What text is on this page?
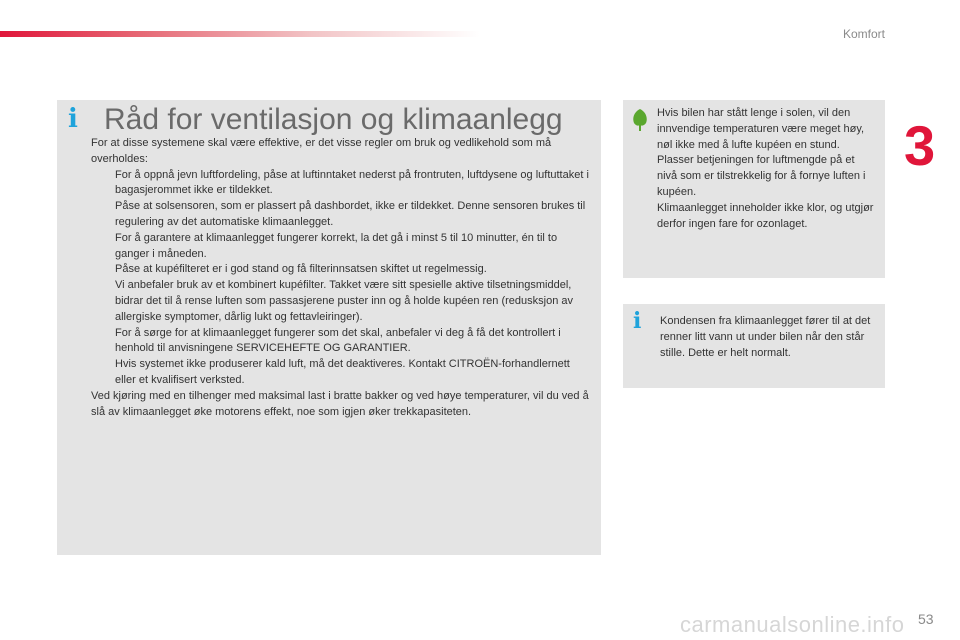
Komfort
3
i Råd for ventilasjon og klimaanlegg

For at disse systemene skal være effektive, er det visse regler om bruk og vedlikehold som må overholdes:

For å oppnå jevn luftfordeling, påse at luftinntaket nederst på frontruten, luftdysene og luftuttaket i bagasjerommet ikke er tildekket.

Påse at solsensoren, som er plassert på dashbordet, ikke er tildekket. Denne sensoren brukes til regulering av det automatiske klimaanlegget.

For å garantere at klimaanlegget fungerer korrekt, la det gå i minst 5 til 10 minutter, én til to ganger i måneden.

Påse at kupéfilteret er i god stand og få filterinnsatsen skiftet ut regelmessig.

Vi anbefaler bruk av et kombinert kupéfilter. Takket være sitt spesielle aktive tilsetningsmiddel, bidrar det til å rense luften som passasjerene puster inn og å holde kupéen ren (redusksjon av allergiske symptomer, dårlig lukt og fettavleiringer).

For å sørge for at klimaanlegget fungerer som det skal, anbefaler vi deg å få det kontrollert i henhold til anvisningene SERVICEHEFTE OG GARANTIER.

Hvis systemet ikke produserer kald luft, må det deaktiveres. Kontakt CITROËN-forhandlernett eller et kvalifisert verksted.

Ved kjøring med en tilhenger med maksimal last i bratte bakker og ved høye temperaturer, vil du ved å slå av klimaanlegget øke motorens effekt, noe som igjen øker trekkapasiteten.

Hvis bilen har stått lenge i solen, vil den innvendige temperaturen være meget høy, nøl ikke med å lufte kupéen en stund.

Plasser betjeningen for luftmengde på et nivå som er tilstrekkelig for å fornye luften i kupéen.

Klimaanlegget inneholder ikke klor, og utgjør derfor ingen fare for ozonlaget.

i Kondensen fra klimaanlegget fører til at det renner litt vann ut under bilen når den står stille. Dette er helt normalt.

carmanualsonline.info 53
